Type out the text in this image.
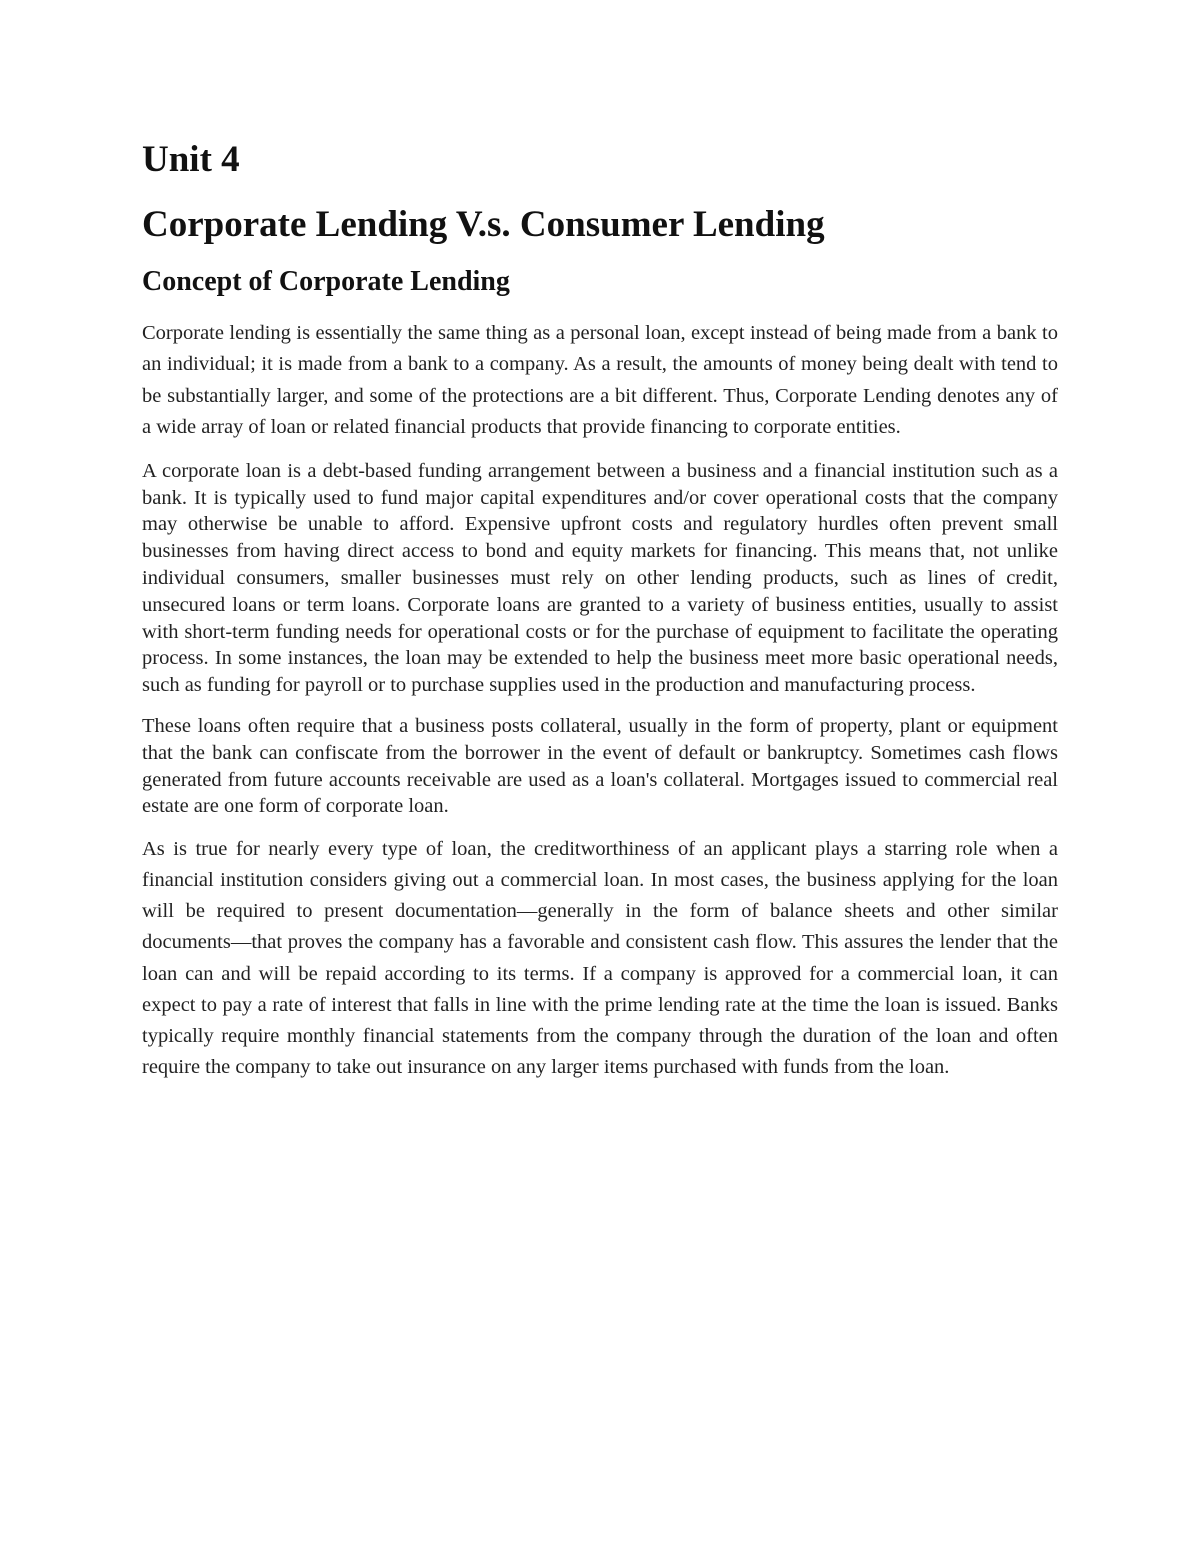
Unit 4
Corporate Lending V.s. Consumer Lending
Concept of Corporate Lending

Corporate lending is essentially the same thing as a personal loan, except instead of being made from a bank to an individual; it is made from a bank to a company. As a result, the amounts of money being dealt with tend to be substantially larger, and some of the protections are a bit different. Thus, Corporate Lending denotes any of a wide array of loan or related financial products that provide financing to corporate entities.

A corporate loan is a debt-based funding arrangement between a business and a financial institution such as a bank. It is typically used to fund major capital expenditures and/or cover operational costs that the company may otherwise be unable to afford. Expensive upfront costs and regulatory hurdles often prevent small businesses from having direct access to bond and equity markets for financing. This means that, not unlike individual consumers, smaller businesses must rely on other lending products, such as lines of credit, unsecured loans or term loans. Corporate loans are granted to a variety of business entities, usually to assist with short-term funding needs for operational costs or for the purchase of equipment to facilitate the operating process. In some instances, the loan may be extended to help the business meet more basic operational needs, such as funding for payroll or to purchase supplies used in the production and manufacturing process.

These loans often require that a business posts collateral, usually in the form of property, plant or equipment that the bank can confiscate from the borrower in the event of default or bankruptcy. Sometimes cash flows generated from future accounts receivable are used as a loan's collateral. Mortgages issued to commercial real estate are one form of corporate loan.

As is true for nearly every type of loan, the creditworthiness of an applicant plays a starring role when a financial institution considers giving out a commercial loan. In most cases, the business applying for the loan will be required to present documentation—generally in the form of balance sheets and other similar documents—that proves the company has a favorable and consistent cash flow. This assures the lender that the loan can and will be repaid according to its terms. If a company is approved for a commercial loan, it can expect to pay a rate of interest that falls in line with the prime lending rate at the time the loan is issued. Banks typically require monthly financial statements from the company through the duration of the loan and often require the company to take out insurance on any larger items purchased with funds from the loan.
